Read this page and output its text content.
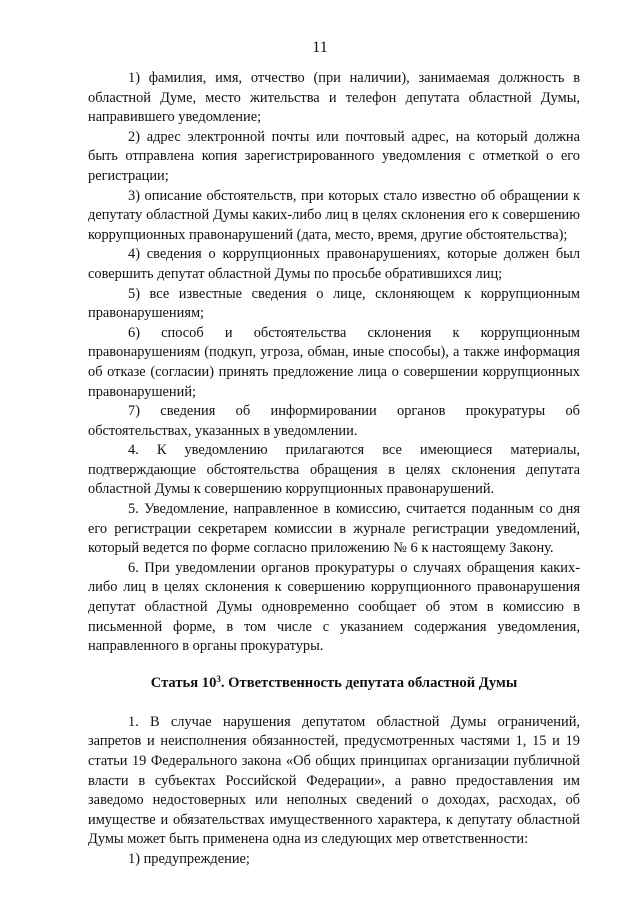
11

1) фамилия, имя, отчество (при наличии), занимаемая должность в областной Думе, место жительства и телефон депутата областной Думы, направившего уведомление;

2) адрес электронной почты или почтовый адрес, на который должна быть отправлена копия зарегистрированного уведомления с отметкой о его регистрации;

3) описание обстоятельств, при которых стало известно об обращении к депутату областной Думы каких-либо лиц в целях склонения его к совершению коррупционных правонарушений (дата, место, время, другие обстоятельства);

4) сведения о коррупционных правонарушениях, которые должен был совершить депутат областной Думы по просьбе обратившихся лиц;

5) все известные сведения о лице, склоняющем к коррупционным правонарушениям;

6) способ и обстоятельства склонения к коррупционным правонарушениям (подкуп, угроза, обман, иные способы), а также информация об отказе (согласии) принять предложение лица о совершении коррупционных правонарушений;

7) сведения об информировании органов прокуратуры об обстоятельствах, указанных в уведомлении.

4. К уведомлению прилагаются все имеющиеся материалы, подтверждающие обстоятельства обращения в целях склонения депутата областной Думы к совершению коррупционных правонарушений.

5. Уведомление, направленное в комиссию, считается поданным со дня его регистрации секретарем комиссии в журнале регистрации уведомлений, который ведется по форме согласно приложению № 6 к настоящему Закону.

6. При уведомлении органов прокуратуры о случаях обращения каких-либо лиц в целях склонения к совершению коррупционного правонарушения депутат областной Думы одновременно сообщает об этом в комиссию в письменной форме, в том числе с указанием содержания уведомления, направленного в органы прокуратуры.

Статья $10^3$. Ответственность депутата областной Думы

1. В случае нарушения депутатом областной Думы ограничений, запретов и неисполнения обязанностей, предусмотренных частями 1, 15 и 19 статьи 19 Федерального закона «Об общих принципах организации публичной власти в субъектах Российской Федерации», а равно предоставления им заведомо недостоверных или неполных сведений о доходах, расходах, об имуществе и обязательствах имущественного характера, к депутату областной Думы может быть применена одна из следующих мер ответственности:

1) предупреждение;
